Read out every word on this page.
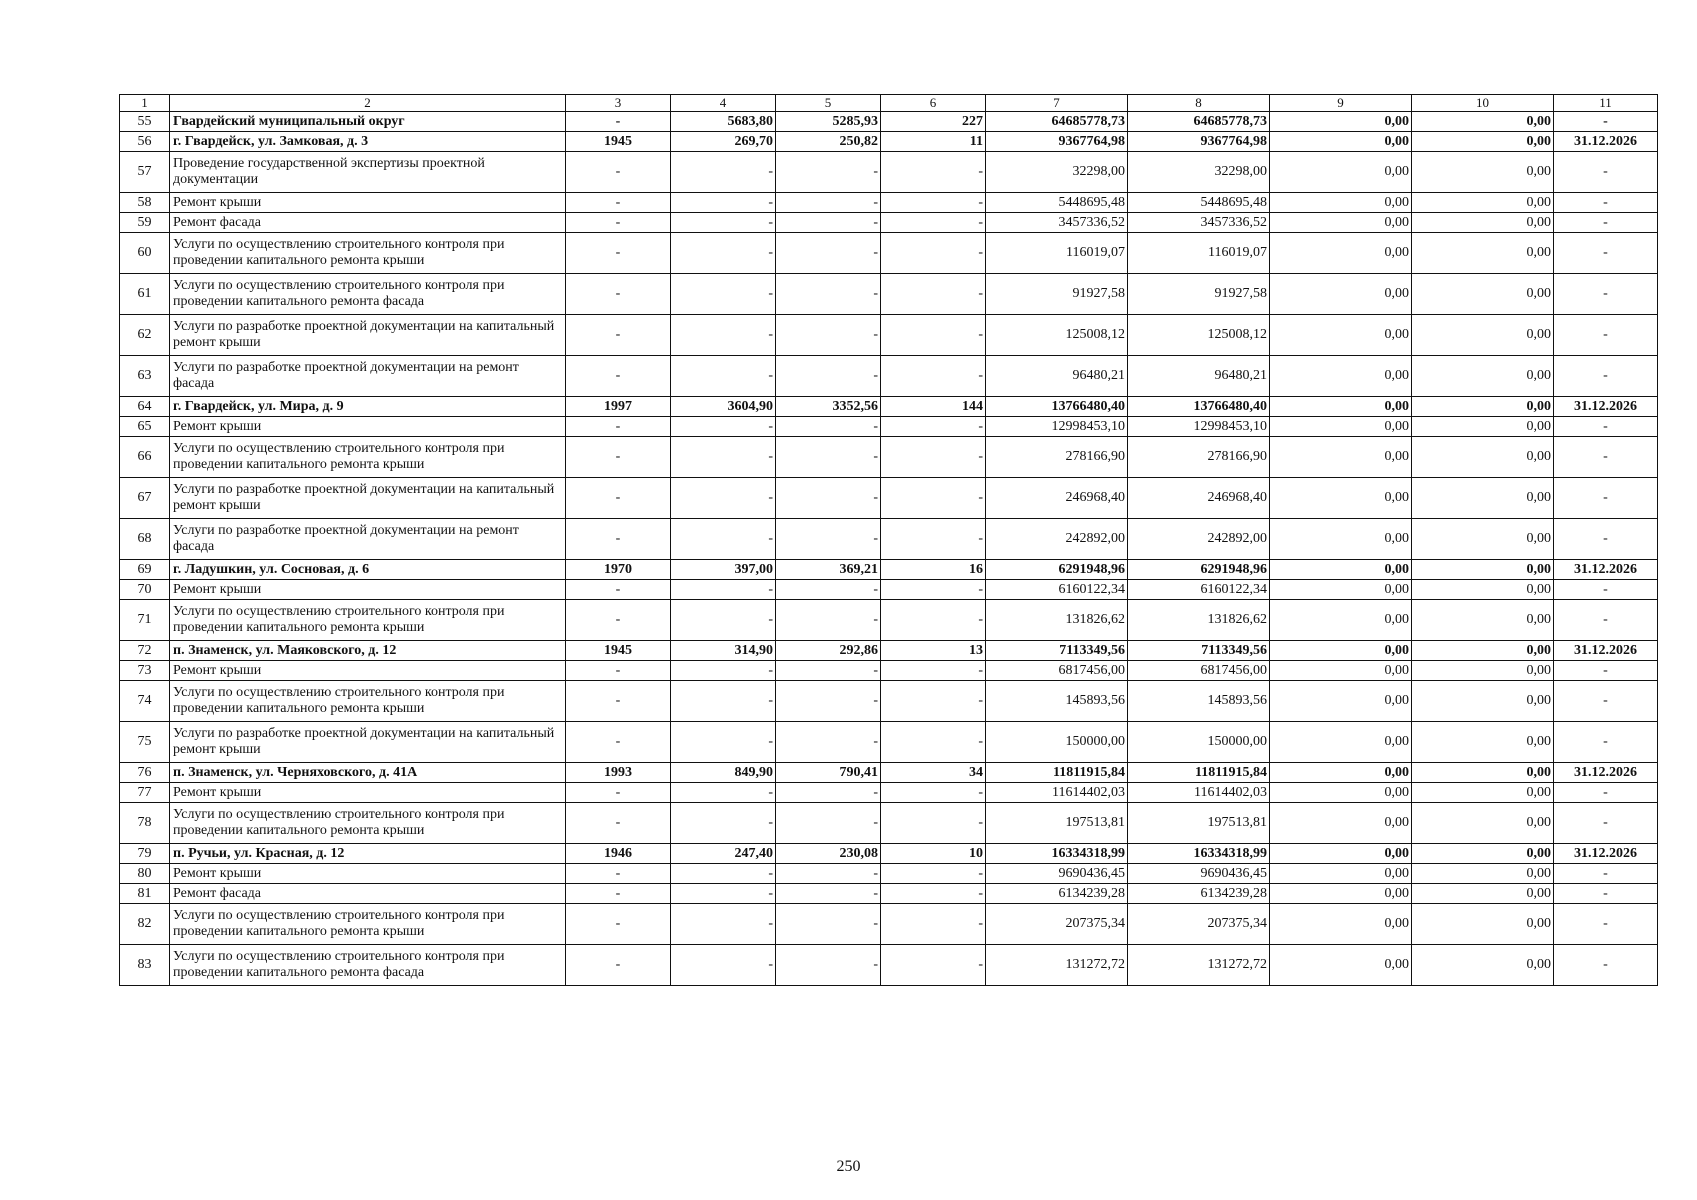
1	2	3	4	5	6	7	8	9	10	11
55	Гвардейский муниципальный округ	-	5683,80	5285,93	227	64685778,73	64685778,73	0,00	0,00	-
56	г. Гвардейск, ул. Замковая, д. 3	1945	269,70	250,82	11	9367764,98	9367764,98	0,00	0,00	31.12.2026
57	Проведение государственной экспертизы проектной документации	-	-	-	-	32298,00	32298,00	0,00	0,00	-
58	Ремонт крыши	-	-	-	-	5448695,48	5448695,48	0,00	0,00	-
59	Ремонт фасада	-	-	-	-	3457336,52	3457336,52	0,00	0,00	-
60	Услуги по осуществлению строительного контроля при проведении капитального ремонта крыши	-	-	-	-	116019,07	116019,07	0,00	0,00	-
61	Услуги по осуществлению строительного контроля при проведении капитального ремонта фасада	-	-	-	-	91927,58	91927,58	0,00	0,00	-
62	Услуги по разработке проектной документации на капитальный ремонт крыши	-	-	-	-	125008,12	125008,12	0,00	0,00	-
63	Услуги по разработке проектной документации на ремонт фасада	-	-	-	-	96480,21	96480,21	0,00	0,00	-
64	г. Гвардейск, ул. Мира, д. 9	1997	3604,90	3352,56	144	13766480,40	13766480,40	0,00	0,00	31.12.2026
65	Ремонт крыши	-	-	-	-	12998453,10	12998453,10	0,00	0,00	-
66	Услуги по осуществлению строительного контроля при проведении капитального ремонта крыши	-	-	-	-	278166,90	278166,90	0,00	0,00	-
67	Услуги по разработке проектной документации на капитальный ремонт крыши	-	-	-	-	246968,40	246968,40	0,00	0,00	-
68	Услуги по разработке проектной документации на ремонт фасада	-	-	-	-	242892,00	242892,00	0,00	0,00	-
69	г. Ладушкин, ул. Сосновая, д. 6	1970	397,00	369,21	16	6291948,96	6291948,96	0,00	0,00	31.12.2026
70	Ремонт крыши	-	-	-	-	6160122,34	6160122,34	0,00	0,00	-
71	Услуги по осуществлению строительного контроля при проведении капитального ремонта крыши	-	-	-	-	131826,62	131826,62	0,00	0,00	-
72	п. Знаменск, ул. Маяковского, д. 12	1945	314,90	292,86	13	7113349,56	7113349,56	0,00	0,00	31.12.2026
73	Ремонт крыши	-	-	-	-	6817456,00	6817456,00	0,00	0,00	-
74	Услуги по осуществлению строительного контроля при проведении капитального ремонта крыши	-	-	-	-	145893,56	145893,56	0,00	0,00	-
75	Услуги по разработке проектной документации на капитальный ремонт крыши	-	-	-	-	150000,00	150000,00	0,00	0,00	-
76	п. Знаменск, ул. Черняховского, д. 41А	1993	849,90	790,41	34	11811915,84	11811915,84	0,00	0,00	31.12.2026
77	Ремонт крыши	-	-	-	-	11614402,03	11614402,03	0,00	0,00	-
78	Услуги по осуществлению строительного контроля при проведении капитального ремонта крыши	-	-	-	-	197513,81	197513,81	0,00	0,00	-
79	п. Ручьи, ул. Красная, д. 12	1946	247,40	230,08	10	16334318,99	16334318,99	0,00	0,00	31.12.2026
80	Ремонт крыши	-	-	-	-	9690436,45	9690436,45	0,00	0,00	-
81	Ремонт фасада	-	-	-	-	6134239,28	6134239,28	0,00	0,00	-
82	Услуги по осуществлению строительного контроля при проведении капитального ремонта крыши	-	-	-	-	207375,34	207375,34	0,00	0,00	-
83	Услуги по осуществлению строительного контроля при проведении капитального ремонта фасада	-	-	-	-	131272,72	131272,72	0,00	0,00	-
250
